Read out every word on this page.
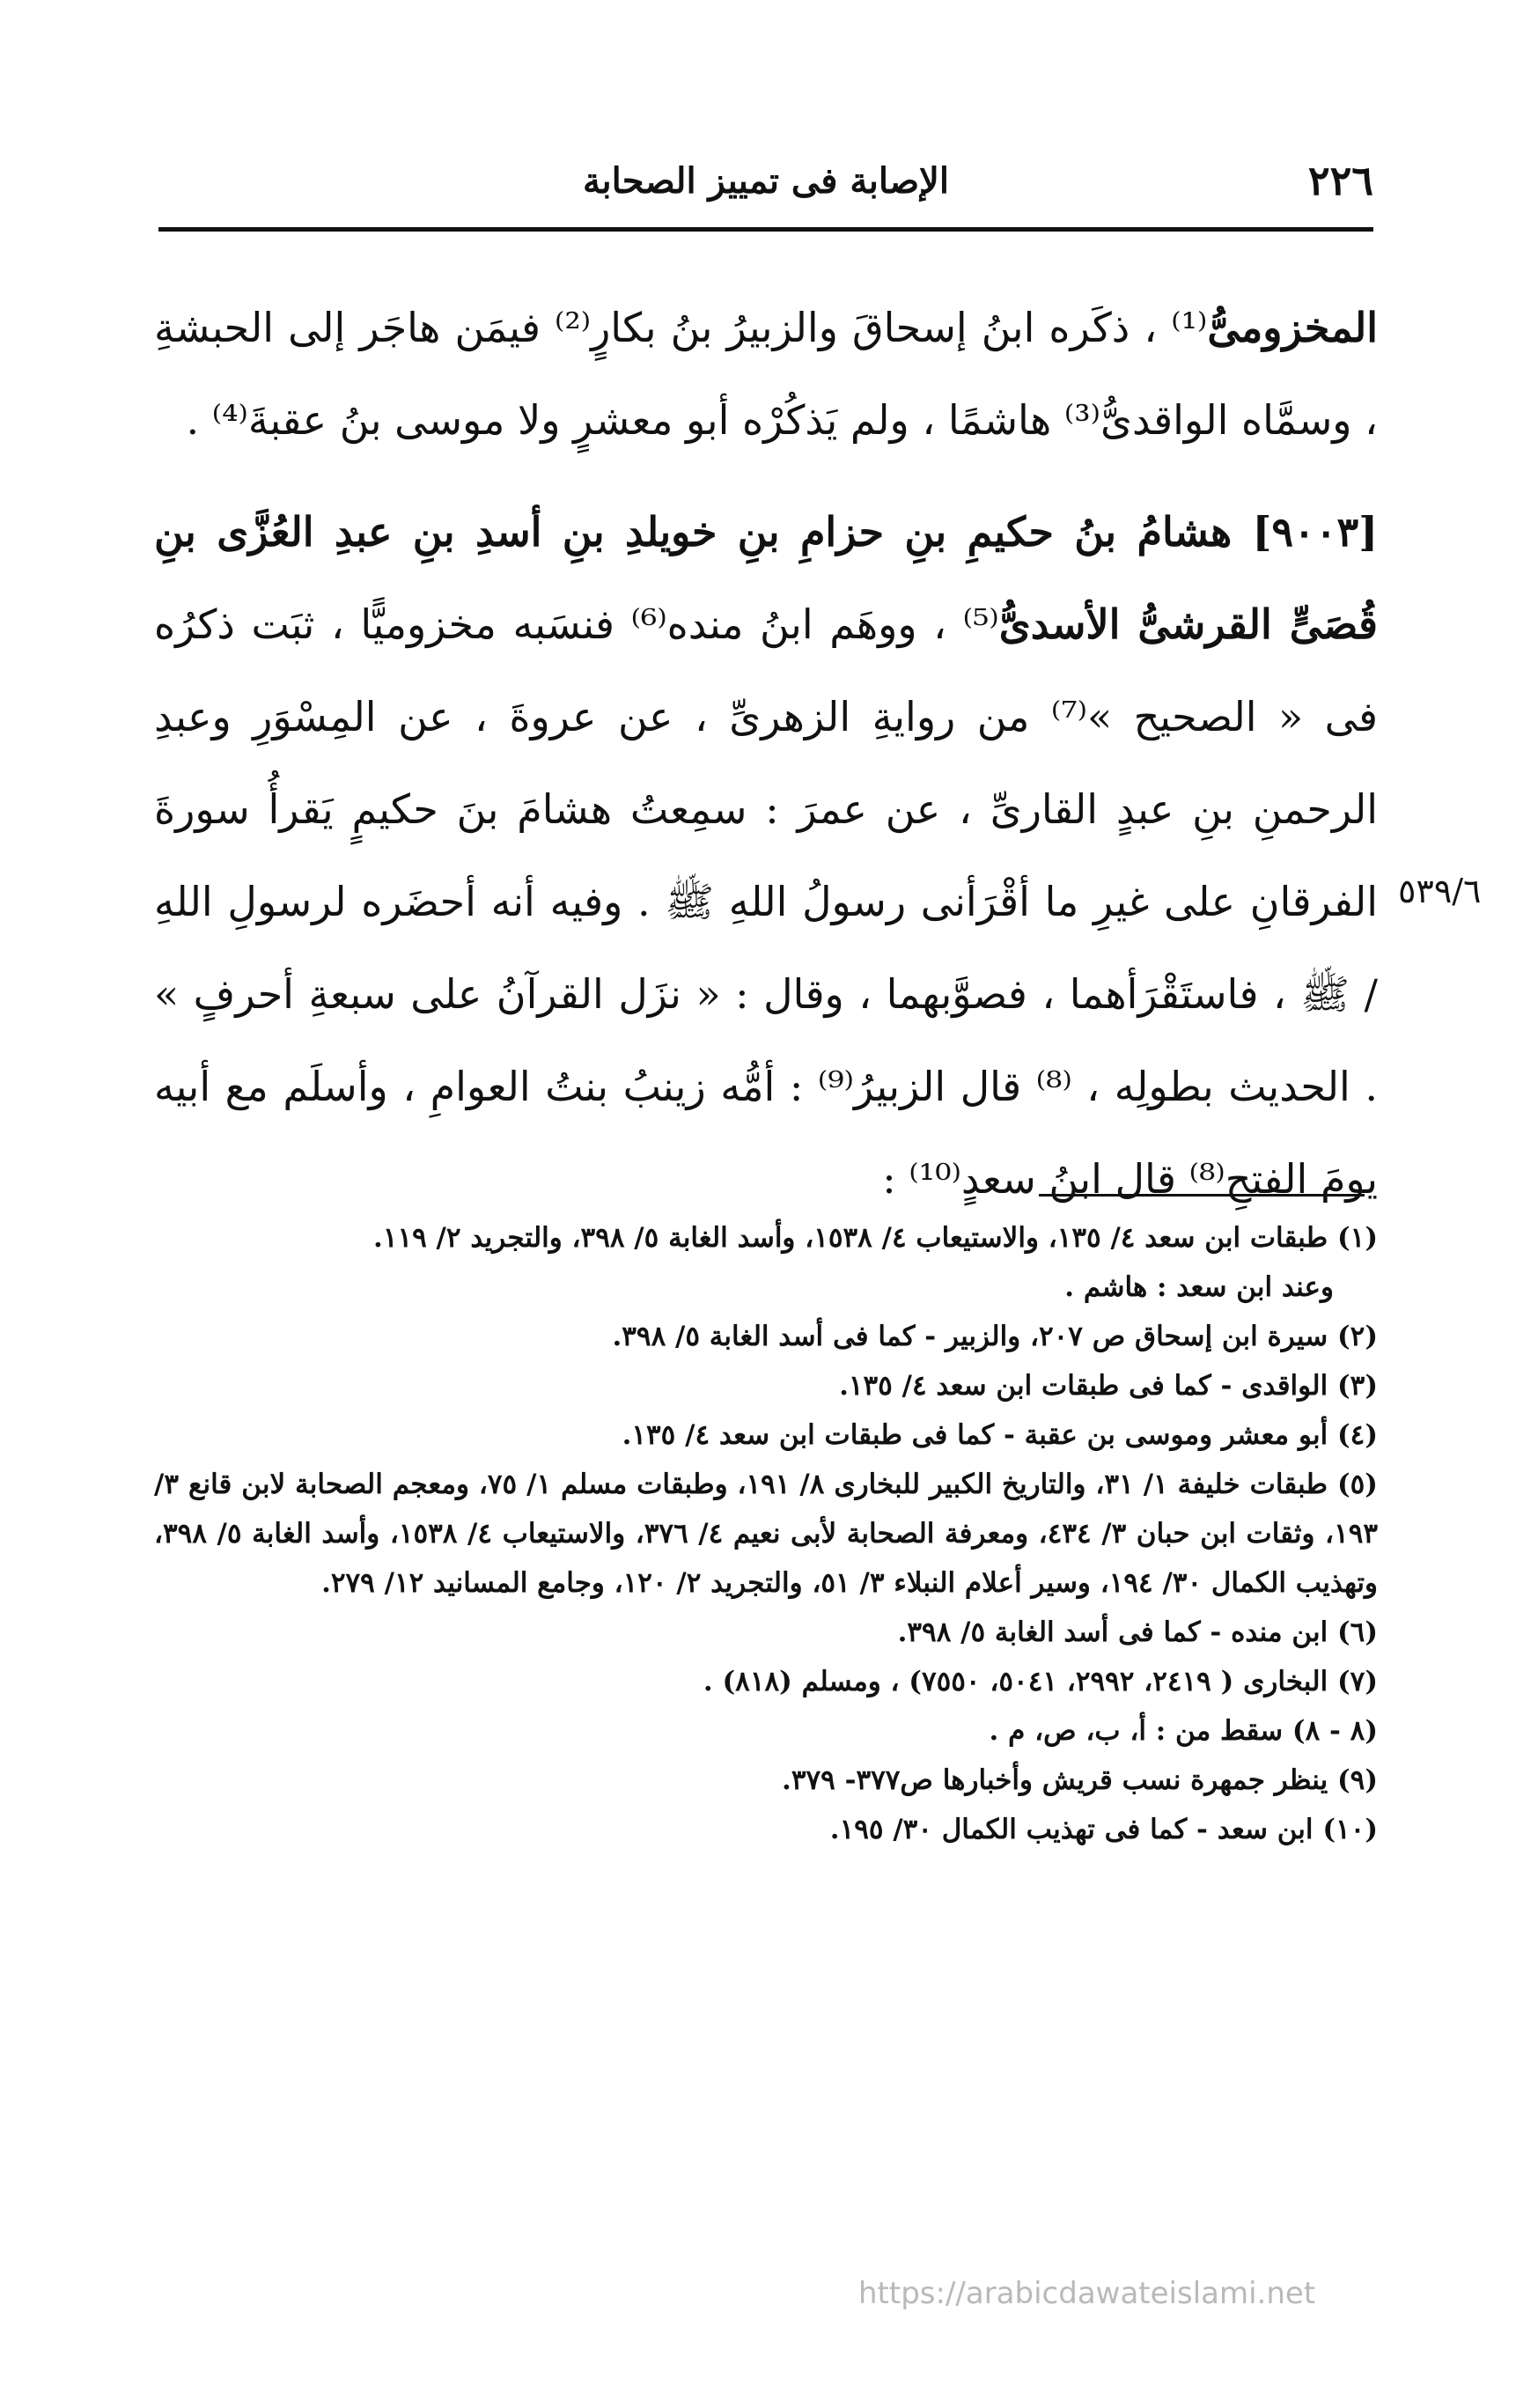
٢٢٦
الإصابة فى تمييز الصحابة

المخزومىُّ⁽¹⁾ ، ذكَره ابنُ إسحاقَ والزبيرُ بنُ بكارٍ⁽²⁾ فيمَن هاجَر إلى الحبشةِ ، وسمَّاه الواقدىُّ⁽³⁾ هاشمًا ، ولم يَذكُرْه أبو معشرٍ ولا موسى بنُ عقبةَ⁽⁴⁾ .

[٩٠٠٣] هشامُ بنُ حكيمِ بنِ حزامِ بنِ خويلدِ بنِ أسدِ بنِ عبدِ العُزَّى بنِ قُصَىٍّ القرشىُّ الأسدىُّ⁽⁵⁾ ، ووهَم ابنُ منده⁽⁶⁾ فنسَبه مخزوميًّا ، ثبَت ذكرُه فى « الصحيح »⁽⁷⁾ من روايةِ الزهرىِّ ، عن عروةَ ، عن المِسْوَرِ وعبدِ الرحمنِ بنِ عبدٍ القارىِّ ، عن عمرَ : سمِعتُ هشامَ بنَ حكيمٍ يَقرأُ سورةَ الفرقانِ على غيرِ ما أقْرَأنى رسولُ اللهِ ﷺ . وفيه أنه أحضَره لرسولِ اللهِ / ﷺ ، فاستَقْرَأهما ، فصوَّبهما ، وقال : « نزَل القرآنُ على سبعةِ أحرفٍ » . الحديث بطولِه ، ⁽⁸⁾ قال الزبيرُ⁽⁹⁾ : أمُّه زينبُ بنتُ العوامِ ، وأسلَم مع أبيه يومَ الفتحِ⁽⁸⁾ قال ابنُ سعدٍ⁽¹⁰⁾ :

٥٣٩/٦

(١) طبقات ابن سعد ٤/ ١٣٥، والاستيعاب ٤/ ١٥٣٨، وأسد الغابة ٥/ ٣٩٨، والتجريد ٢/ ١١٩.

وعند ابن سعد : هاشم .

(٢) سيرة ابن إسحاق ص ٢٠٧، والزبير - كما فى أسد الغابة ٥/ ٣٩٨.

(٣) الواقدى - كما فى طبقات ابن سعد ٤/ ١٣٥.

(٤) أبو معشر وموسى بن عقبة - كما فى طبقات ابن سعد ٤/ ١٣٥.

(٥) طبقات خليفة ١/ ٣١، والتاريخ الكبير للبخارى ٨/ ١٩١، وطبقات مسلم ١/ ٧٥، ومعجم الصحابة لابن قانع ٣/ ١٩٣، وثقات ابن حبان ٣/ ٤٣٤، ومعرفة الصحابة لأبى نعيم ٤/ ٣٧٦، والاستيعاب ٤/ ١٥٣٨، وأسد الغابة ٥/ ٣٩٨، وتهذيب الكمال ٣٠/ ١٩٤، وسير أعلام النبلاء ٣/ ٥١، والتجريد ٢/ ١٢٠، وجامع المسانيد ١٢/ ٢٧٩.

(٦) ابن منده - كما فى أسد الغابة ٥/ ٣٩٨.

(٧) البخارى ( ٢٤١٩، ٢٩٩٢، ٥٠٤١، ٧٥٥٠) ، ومسلم (٨١٨) .

(٨ - ٨) سقط من : أ، ب، ص، م .

(٩) ينظر جمهرة نسب قريش وأخبارها ص٣٧٧- ٣٧٩.

(١٠) ابن سعد - كما فى تهذيب الكمال ٣٠/ ١٩٥.

https://arabicdawateislami.net
